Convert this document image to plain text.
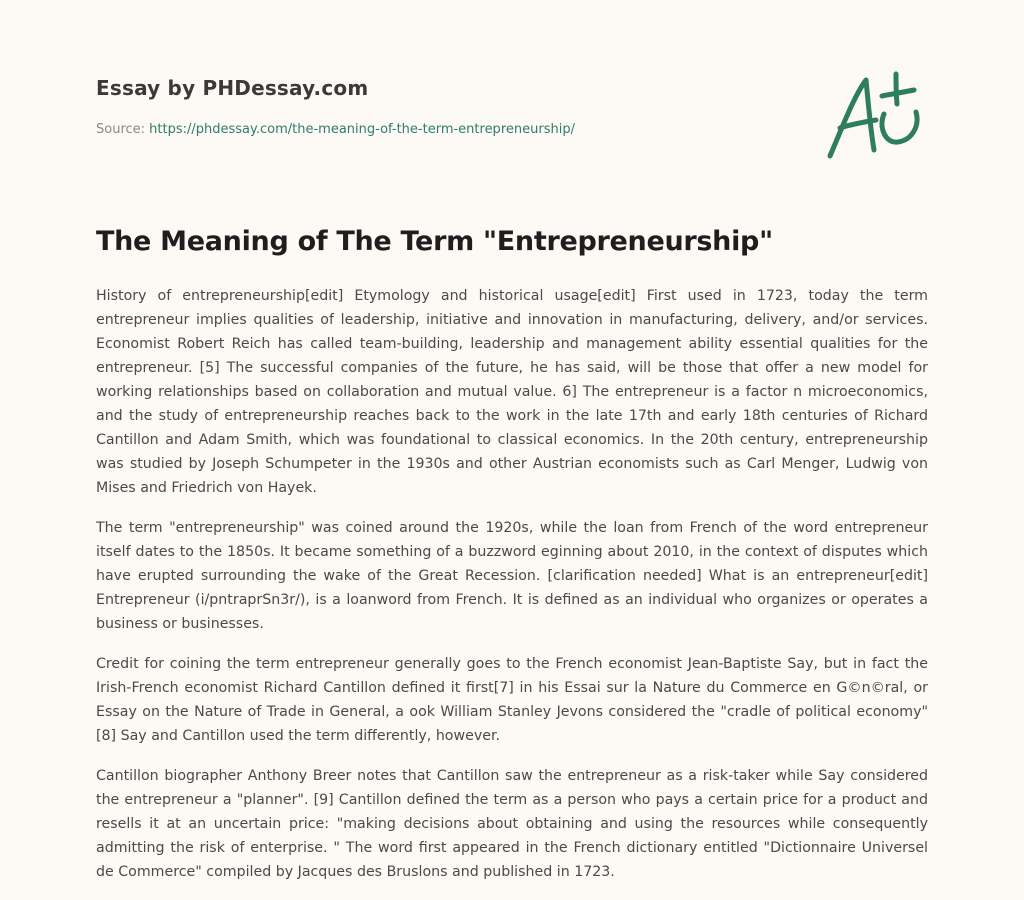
Essay by PHDessay.com
Source: https://phdessay.com/the-meaning-of-the-term-entrepreneurship/
The Meaning of The Term "Entrepreneurship"

History of entrepreneurship[edit] Etymology and historical usage[edit] First used in 1723, today the term entrepreneur implies qualities of leadership, initiative and innovation in manufacturing, delivery, and/or services. Economist Robert Reich has called team-building, leadership and management ability essential qualities for the entrepreneur. [5] The successful companies of the future, he has said, will be those that offer a new model for working relationships based on collaboration and mutual value. 6] The entrepreneur is a factor n microeconomics, and the study of entrepreneurship reaches back to the work in the late 17th and early 18th centuries of Richard Cantillon and Adam Smith, which was foundational to classical economics. In the 20th century, entrepreneurship was studied by Joseph Schumpeter in the 1930s and other Austrian economists such as Carl Menger, Ludwig von Mises and Friedrich von Hayek.

The term "entrepreneurship" was coined around the 1920s, while the loan from French of the word entrepreneur itself dates to the 1850s. It became something of a buzzword eginning about 2010, in the context of disputes which have erupted surrounding the wake of the Great Recession. [clarification needed] What is an entrepreneur[edit] Entrepreneur (i/pntraprSn3r/), is a loanword from French. It is defined as an individual who organizes or operates a business or businesses.

Credit for coining the term entrepreneur generally goes to the French economist Jean-Baptiste Say, but in fact the Irish-French economist Richard Cantillon defined it first[7] in his Essai sur la Nature du Commerce en G©n©ral, or Essay on the Nature of Trade in General, a ook William Stanley Jevons considered the "cradle of political economy"[8] Say and Cantillon used the term differently, however.

Cantillon biographer Anthony Breer notes that Cantillon saw the entrepreneur as a risk-taker while Say considered the entrepreneur a "planner". [9] Cantillon defined the term as a person who pays a certain price for a product and resells it at an uncertain price: "making decisions about obtaining and using the resources while consequently admitting the risk of enterprise. " The word first appeared in the French dictionary entitled "Dictionnaire Universel de Commerce" compiled by Jacques des Bruslons and published in 1723.
